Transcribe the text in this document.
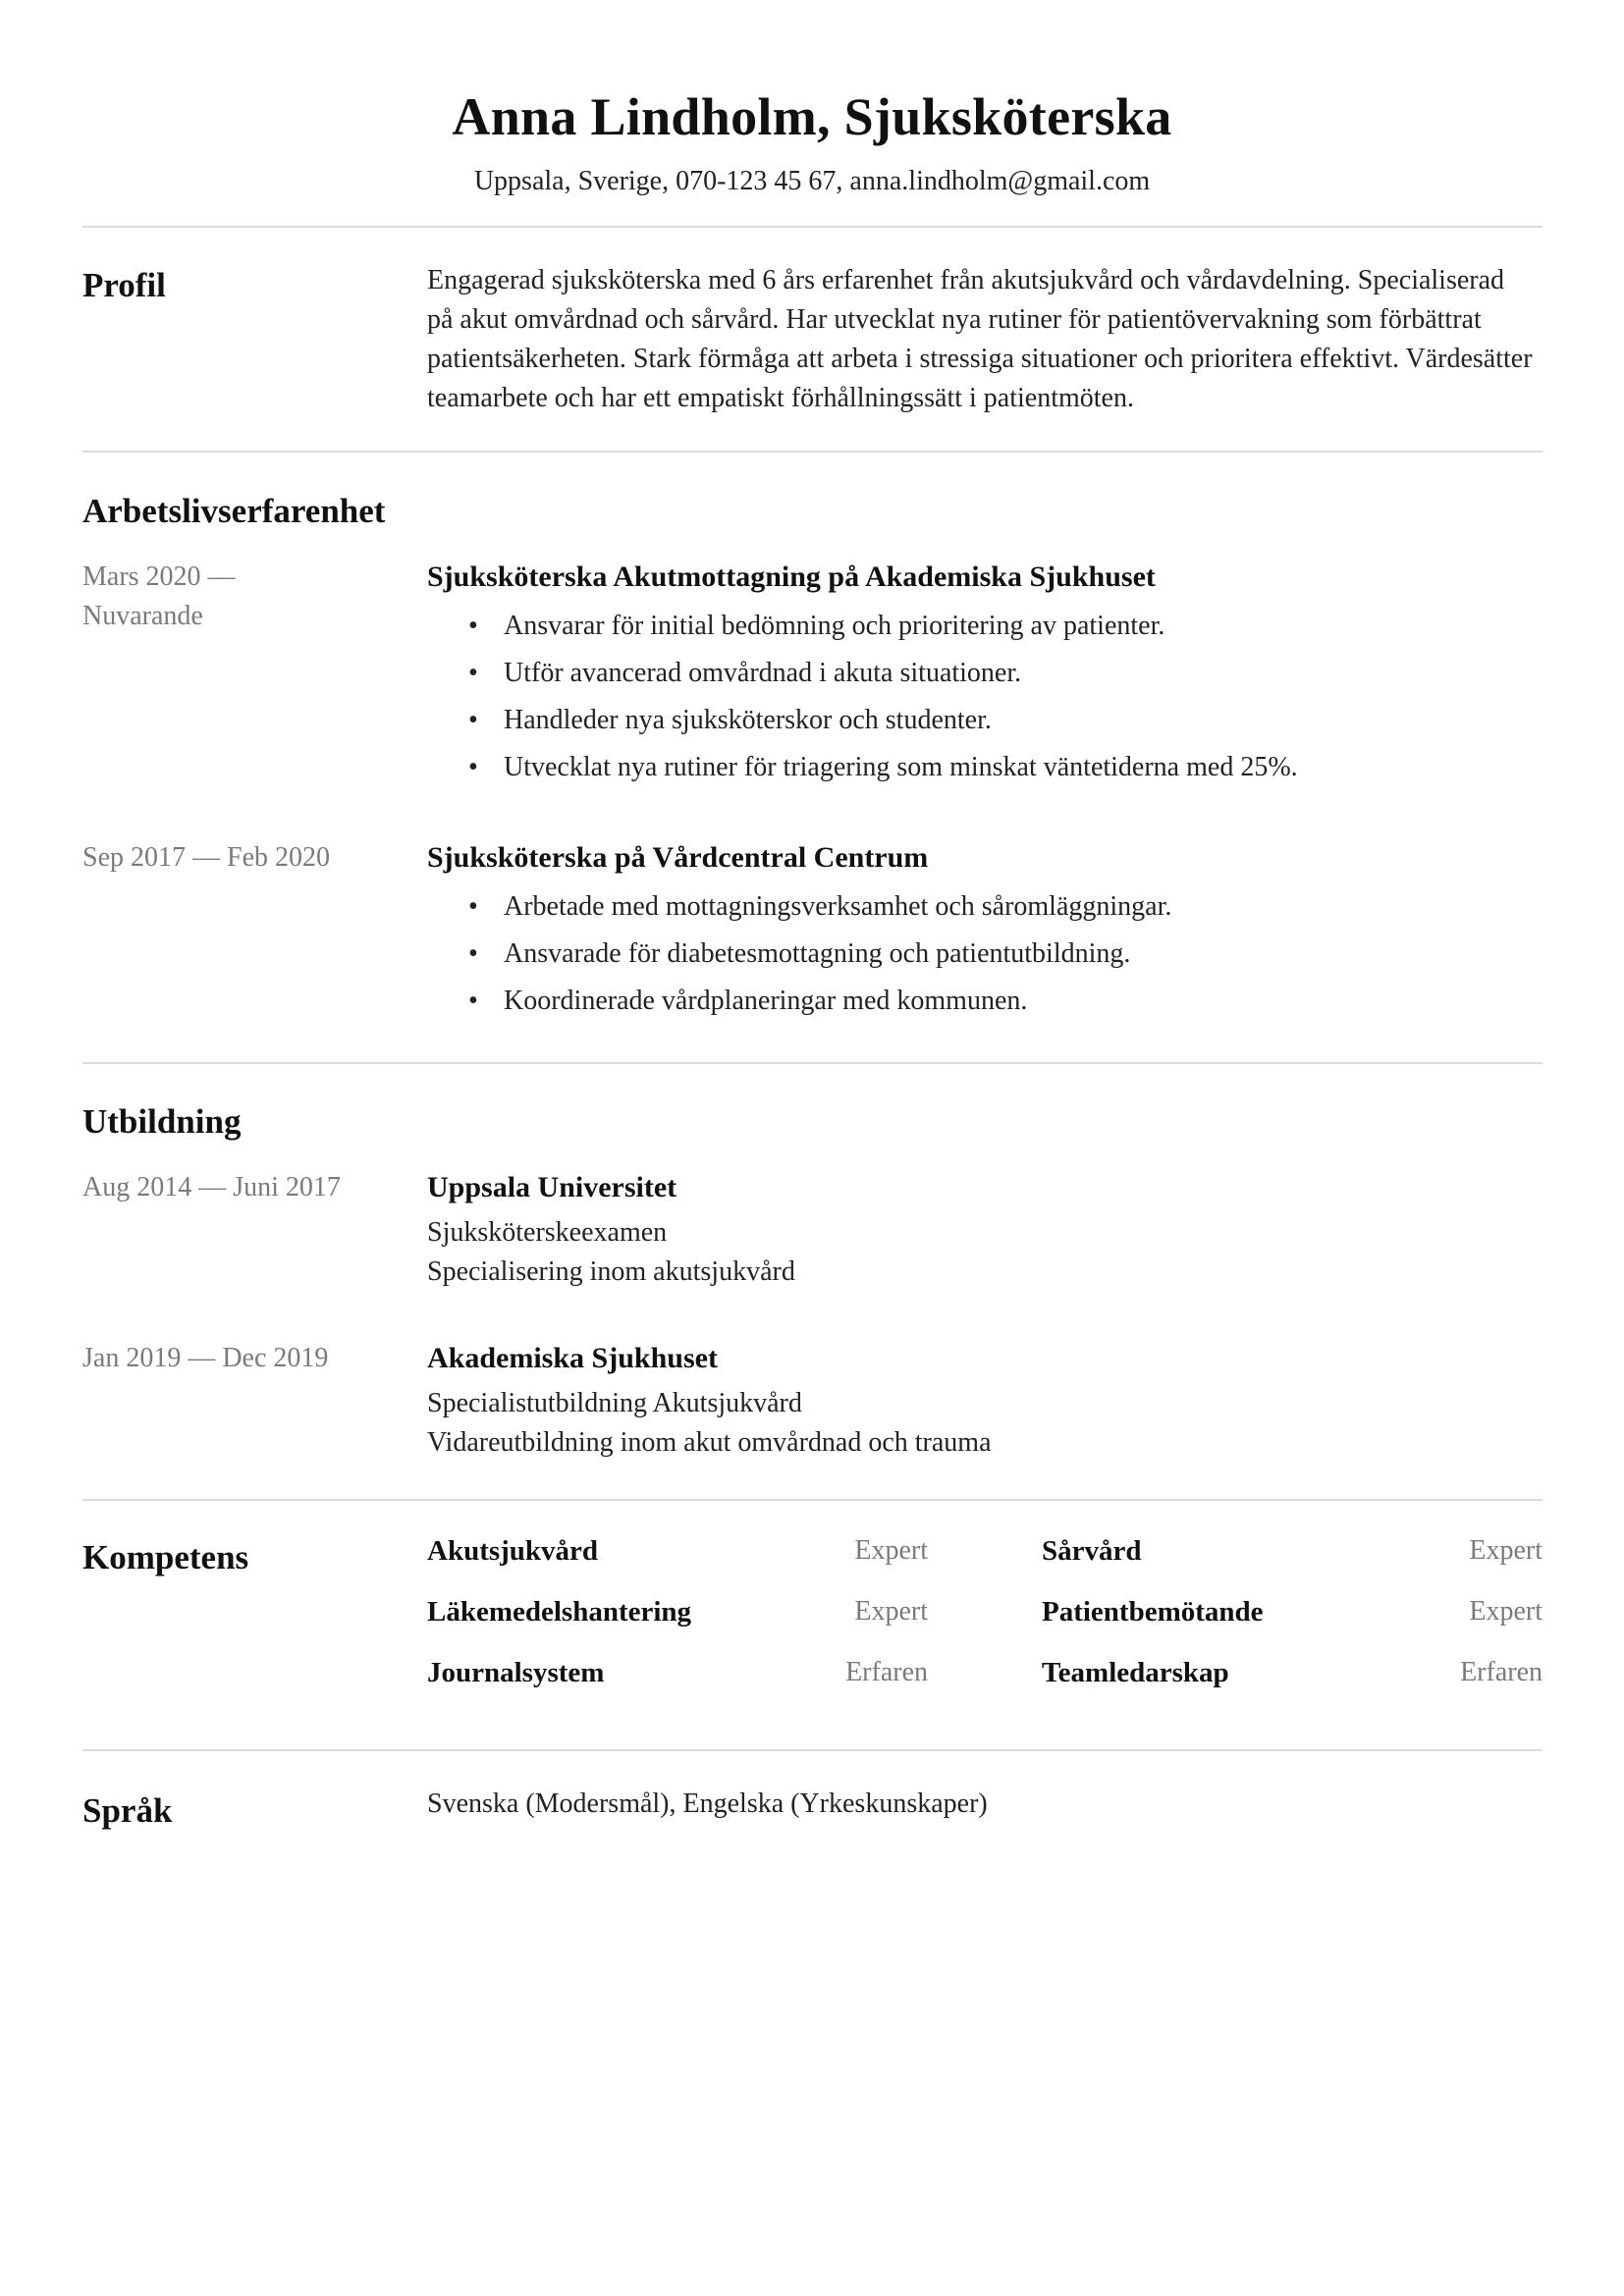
Anna Lindholm, Sjuksköterska
Uppsala, Sverige, 070-123 45 67, anna.lindholm@gmail.com
Profil	Engagerad sjuksköterska med 6 års erfarenhet från akutsjukvård och vårdavdelning. Specialiserad

på akut omvårdnad och sårvård. Har utvecklat nya rutiner för patientövervakning som förbättrat

patientsäkerheten. Stark förmåga att arbeta i stressiga situationer och prioritera effektivt. Värdesätter

teamarbete och har ett empatiskt förhållningssätt i patientmöten.

Arbetslivserfarenhet
Mars 2020 —
Nuvarande
Sjuksköterska Akutmottagning på Akademiska Sjukhuset
• Ansvarar för initial bedömning och prioritering av patienter.
• Utför avancerad omvårdnad i akuta situationer.
• Handleder nya sjuksköterskor och studenter.
• Utvecklat nya rutiner för triagering som minskat väntetiderna med 25%.
Sep 2017 — Feb 2020	Sjuksköterska på Vårdcentral Centrum
• Arbetade med mottagningsverksamhet och såromläggningar.
• Ansvarade för diabetesmottagning och patientutbildning.
• Koordinerade vårdplaneringar med kommunen.
Utbildning
Aug 2014 — Juni 2017	Uppsala Universitet
Sjuksköterskeexamen
Specialisering inom akutsjukvård
Jan 2019 — Dec 2019	Akademiska Sjukhuset
Specialistutbildning Akutsjukvård
Vidareutbildning inom akut omvårdnad och trauma
Kompetens	Akutsjukvård	Expert	Sårvård	Expert
Läkemedelshantering	Expert	Patientbemötande	Expert
Journalsystem	Erfaren	Teamledarskap	Erfaren
Språk	Svenska (Modersmål), Engelska (Yrkeskunskaper)
